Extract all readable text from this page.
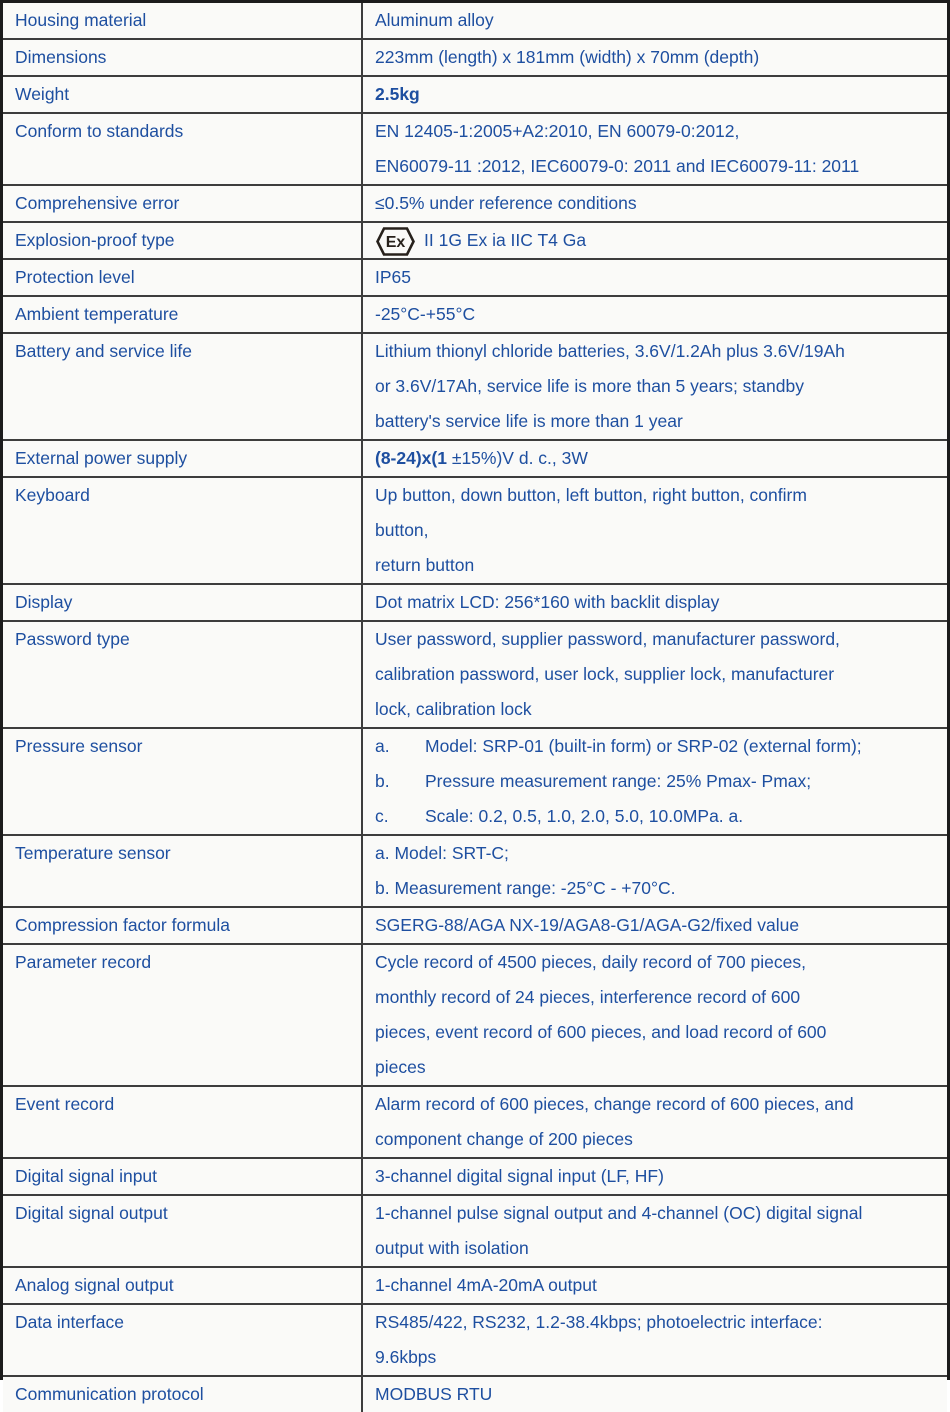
Housing material	Aluminum alloy
Dimensions	223mm (length) x 181mm (width) x 70mm (depth)
Weight	2.5kg
Conform to standards	EN 12405-1:2005+A2:2010, EN 60079-0:2012,
EN60079-11 :2012, IEC60079-0: 2011 and IEC60079-11: 2011
Comprehensive error	≤0.5% under reference conditions
Explosion-proof type	Ex II 1G Ex ia IIC T4 Ga
Protection level	IP65
Ambient temperature	-25°C-+55°C
Battery and service life	Lithium thionyl chloride batteries, 3.6V/1.2Ah plus 3.6V/19Ah
or 3.6V/17Ah, service life is more than 5 years; standby
battery's service life is more than 1 year
External power supply	(8-24)x(1 ±15%)V d. c., 3W
Keyboard	Up button, down button, left button, right button, confirm
button,
return button
Display	Dot matrix LCD: 256*160 with backlit display
Password type	User password, supplier password, manufacturer password,
calibration password, user lock, supplier lock, manufacturer
lock, calibration lock
Pressure sensor	a.	Model: SRP-01 (built-in form) or SRP-02 (external form);
b.	Pressure measurement range: 25% Pmax- Pmax;
c.	Scale: 0.2, 0.5, 1.0, 2.0, 5.0, 10.0MPa. a.
Temperature sensor	a. Model: SRT-C;
b. Measurement range: -25°C - +70°C.
Compression factor formula	SGERG-88/AGA NX-19/AGA8-G1/AGA-G2/fixed value
Parameter record	Cycle record of 4500 pieces, daily record of 700 pieces,
monthly record of 24 pieces, interference record of 600
pieces, event record of 600 pieces, and load record of 600
pieces
Event record	Alarm record of 600 pieces, change record of 600 pieces, and
component change of 200 pieces
Digital signal input	3-channel digital signal input (LF, HF)
Digital signal output	1-channel pulse signal output and 4-channel (OC) digital signal
output with isolation
Analog signal output	1-channel 4mA-20mA output
Data interface	RS485/422, RS232, 1.2-38.4kbps; photoelectric interface:
9.6kbps
Communication protocol	MODBUS RTU
